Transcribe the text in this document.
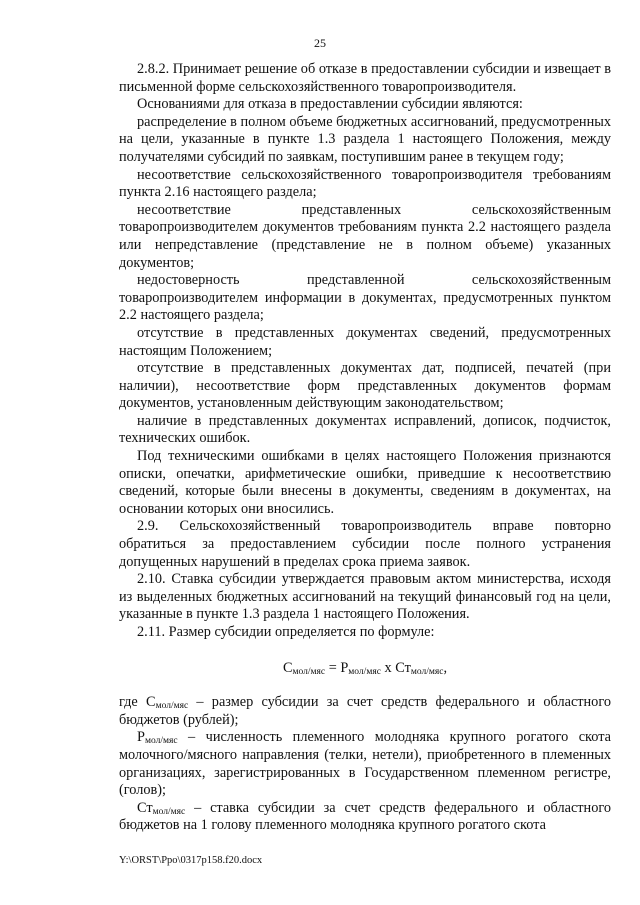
25

2.8.2. Принимает решение об отказе в предоставлении субсидии и извещает в письменной форме сельскохозяйственного товаропроизводителя.

Основаниями для отказа в предоставлении субсидии являются:

распределение в полном объеме бюджетных ассигнований, предусмотренных на цели, указанные в пункте 1.3 раздела 1 настоящего Положения, между получателями субсидий по заявкам, поступившим ранее в текущем году;

несоответствие сельскохозяйственного товаропроизводителя требованиям пункта 2.16 настоящего раздела;

несоответствие представленных сельскохозяйственным товаропроизводителем документов требованиям пункта 2.2 настоящего раздела или непредставление (представление не в полном объеме) указанных документов;

недостоверность представленной сельскохозяйственным товаропроизводителем информации в документах, предусмотренных пунктом 2.2 настоящего раздела;

отсутствие в представленных документах сведений, предусмотренных настоящим Положением;

отсутствие в представленных документах дат, подписей, печатей (при наличии), несоответствие форм представленных документов формам документов, установленным действующим законодательством;

наличие в представленных документах исправлений, дописок, подчисток, технических ошибок.

Под техническими ошибками в целях настоящего Положения признаются описки, опечатки, арифметические ошибки, приведшие к несоответствию сведений, которые были внесены в документы, сведениям в документах, на основании которых они вносились.

2.9. Сельскохозяйственный товаропроизводитель вправе повторно обратиться за предоставлением субсидии после полного устранения допущенных нарушений в пределах срока приема заявок.

2.10. Ставка субсидии утверждается правовым актом министерства, исходя из выделенных бюджетных ассигнований на текущий финансовый год на цели, указанные в пункте 1.3 раздела 1 настоящего Положения.

2.11. Размер субсидии определяется по формуле:

$С_{мол/мяс} = Р_{мол/мяс}$ х $Ст_{мол/мяс}$,

где $С_{мол/мяс}$ – размер субсидии за счет средств федерального и областного бюджетов (рублей);

$Р_{мол/мяс}$ – численность племенного молодняка крупного рогатого скота молочного/мясного направления (телки, нетели), приобретенного в племенных организациях, зарегистрированных в Государственном племенном регистре, (голов);

$Ст_{мол/мяс}$ – ставка субсидии за счет средств федерального и областного бюджетов на 1 голову племенного молодняка крупного рогатого скота

Y:\ORST\Ppo\0317p158.f20.docx
